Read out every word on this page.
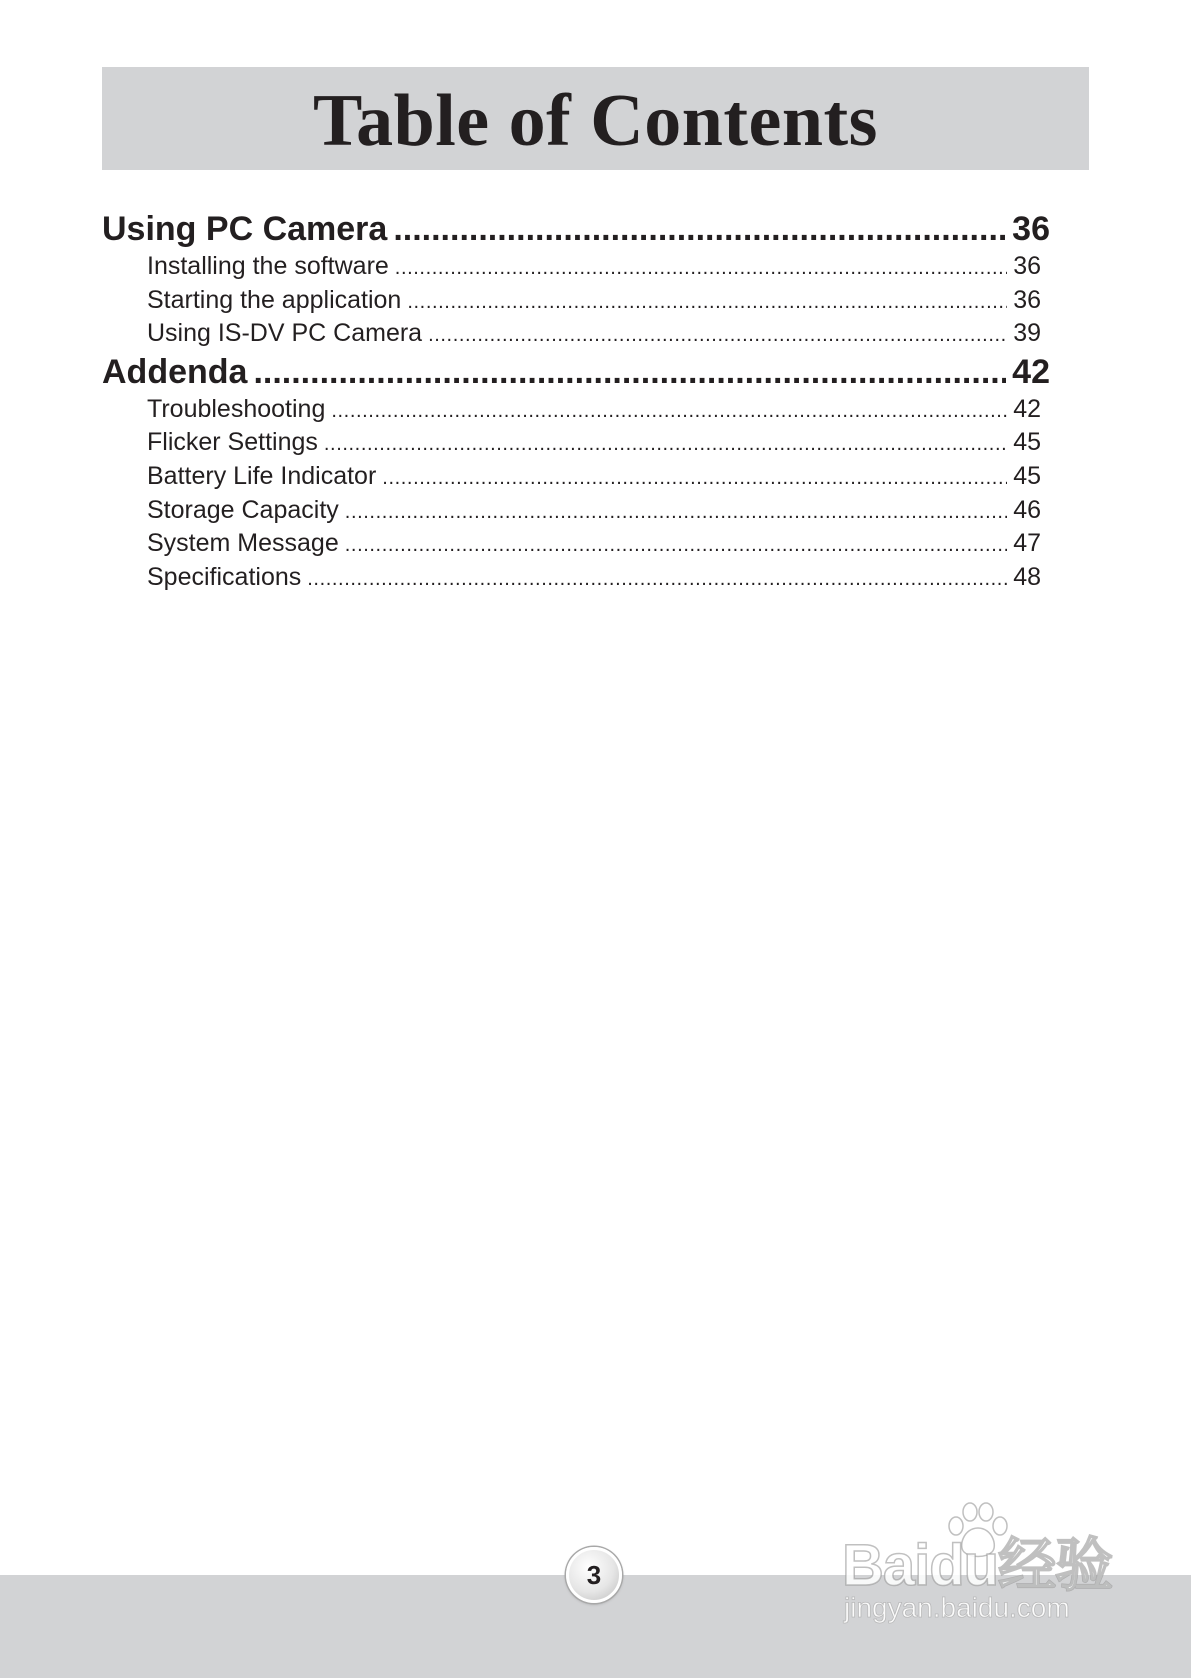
Table of Contents
Using PC Camera .....	36
Installing the software .....	36
Starting the application .....	36
Using IS-DV PC Camera .....	39
Addenda .....	42
Troubleshooting .....	42
Flicker Settings .....	45
Battery Life Indicator .....	45
Storage Capacity .....	46
System Message .....	47
Specifications .....	48
3	Baidu经验
jingyan.baidu.com
